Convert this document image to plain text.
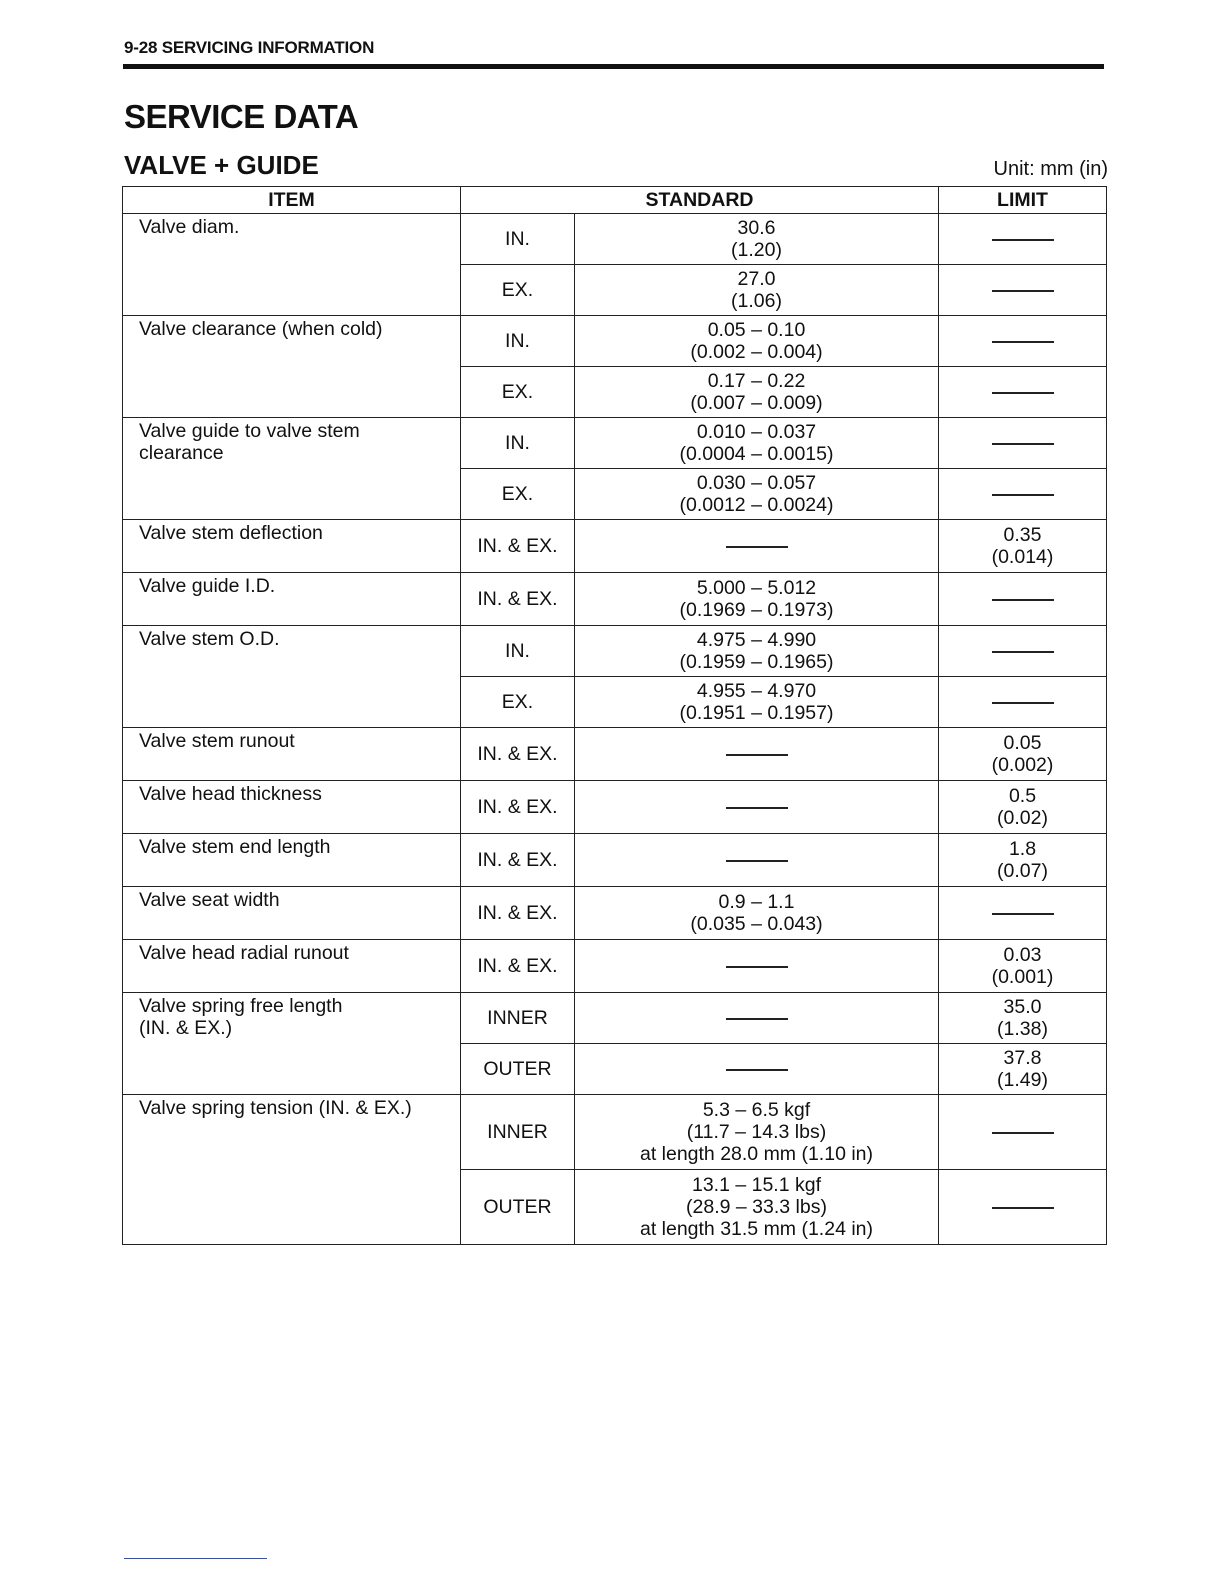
9-28 SERVICING INFORMATION
SERVICE DATA
VALVE + GUIDE	Unit: mm (in)
ITEM	STANDARD		LIMIT

Valve diam.	IN.	30.6
(1.20)	

	EX.	27.0
(1.06)	

Valve clearance (when cold)	IN.	0.05 – 0.10
(0.002 – 0.004)	

	EX.	0.17 – 0.22
(0.007 – 0.009)	

Valve guide to valve stem
clearance	IN.	0.010 – 0.037
(0.0004 – 0.0015)	

	EX.	0.030 – 0.057
(0.0012 – 0.0024)	

Valve stem deflection	IN. & EX.		0.35
(0.014)

Valve guide I.D.	IN. & EX.	5.000 – 5.012
(0.1969 – 0.1973)	

Valve stem O.D.	IN.	4.975 – 4.990
(0.1959 – 0.1965)	

	EX.	4.955 – 4.970
(0.1951 – 0.1957)	

Valve stem runout	IN. & EX.		0.05
(0.002)

Valve head thickness	IN. & EX.		0.5
(0.02)

Valve stem end length	IN. & EX.		1.8
(0.07)

Valve seat width	IN. & EX.	0.9 – 1.1
(0.035 – 0.043)	

Valve head radial runout	IN. & EX.		0.03
(0.001)

Valve spring free length
(IN. & EX.)	INNER		35.0
(1.38)

	OUTER		37.8
(1.49)

Valve spring tension (IN. & EX.)	INNER	5.3 – 6.5 kgf
(11.7 – 14.3 lbs)
at length 28.0 mm (1.10 in)	

	OUTER	13.1 – 15.1 kgf
(28.9 – 33.3 lbs)
at length 31.5 mm (1.24 in)	
